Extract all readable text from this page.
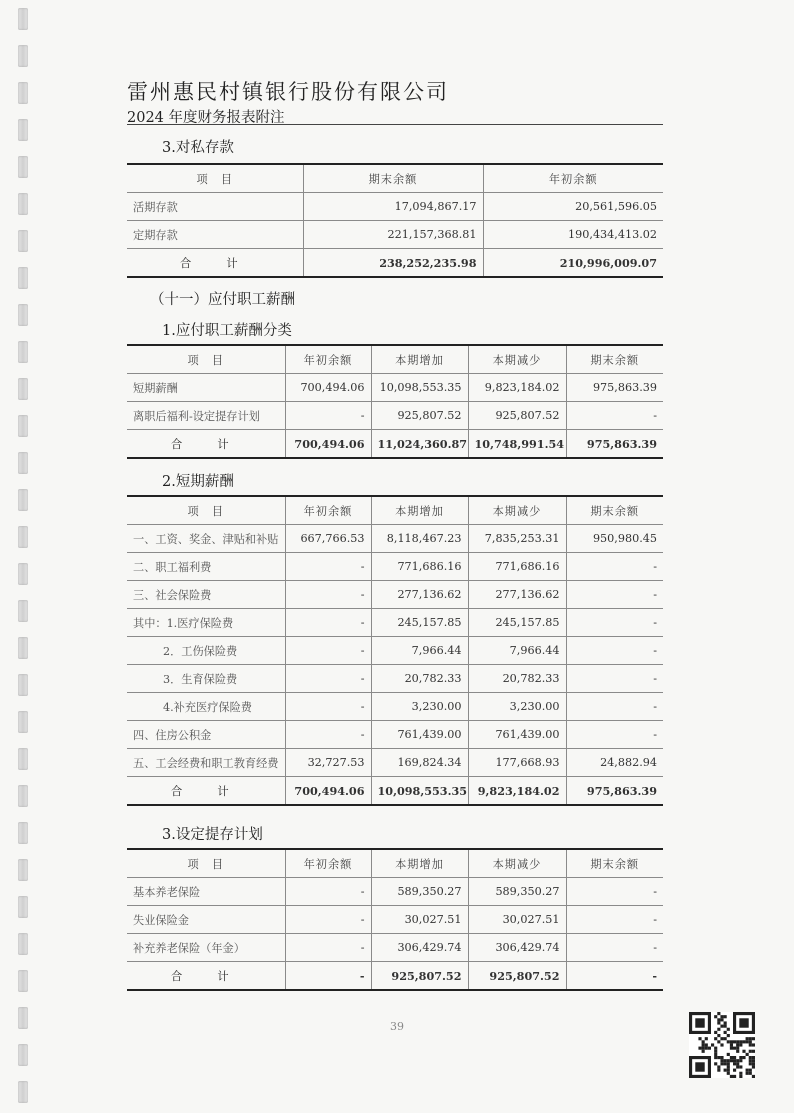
雷州惠民村镇银行股份有限公司
2024 年度财务报表附注
3.对私存款
项　目	期末余额	年初余额
活期存款	17,094,867.17	20,561,596.05
定期存款	221,157,368.81	190,434,413.02
合　计	238,252,235.98	210,996,009.07
（十一）应付职工薪酬
1.应付职工薪酬分类
项　目	年初余额	本期增加	本期减少	期末余额
短期薪酬	700,494.06	10,098,553.35	9,823,184.02	975,863.39
离职后福利-设定提存计划	-	925,807.52	925,807.52	-
合　计	700,494.06	11,024,360.87	10,748,991.54	975,863.39
2.短期薪酬
项　目	年初余额	本期增加	本期减少	期末余额
一、工资、奖金、津贴和补贴	667,766.53	8,118,467.23	7,835,253.31	950,980.45
二、职工福利费	-	771,686.16	771,686.16	-
三、社会保险费	-	277,136.62	277,136.62	-
其中：1.医疗保险费	-	245,157.85	245,157.85	-
2．工伤保险费	-	7,966.44	7,966.44	-
3．生育保险费	-	20,782.33	20,782.33	-
4.补充医疗保险费	-	3,230.00	3,230.00	-
四、住房公积金	-	761,439.00	761,439.00	-
五、工会经费和职工教育经费	32,727.53	169,824.34	177,668.93	24,882.94
合　计	700,494.06	10,098,553.35	9,823,184.02	975,863.39
3.设定提存计划
项　目	年初余额	本期增加	本期减少	期末余额
基本养老保险	-	589,350.27	589,350.27	-
失业保险金	-	30,027.51	30,027.51	-
补充养老保险（年金）	-	306,429.74	306,429.74	-
合　计	-	925,807.52	925,807.52	-
39
